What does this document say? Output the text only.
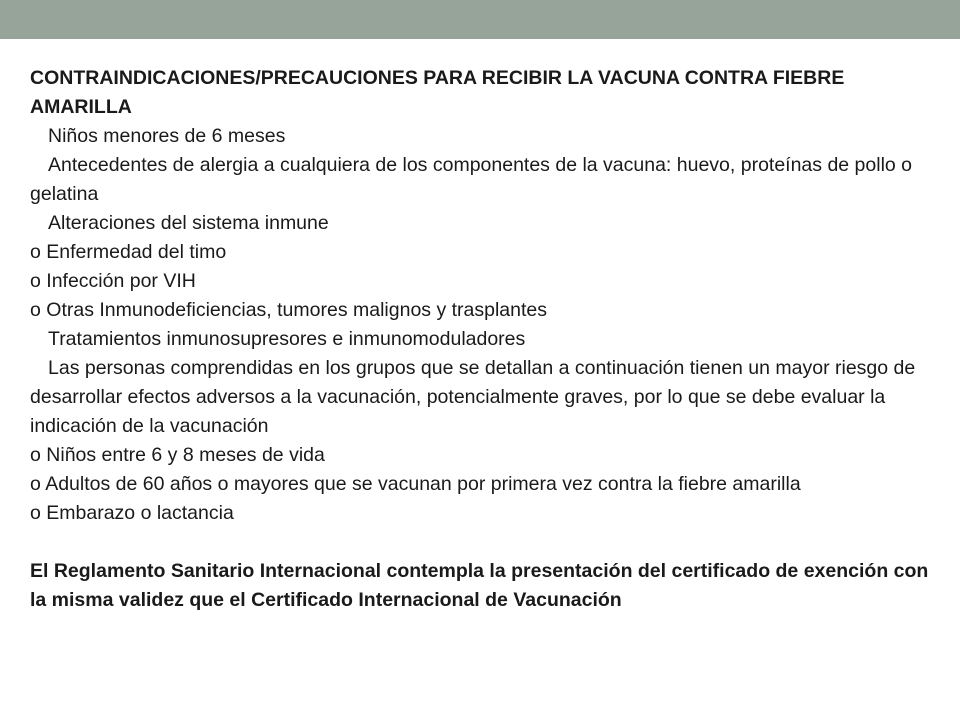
CONTRAINDICACIONES/PRECAUCIONES PARA RECIBIR LA VACUNA CONTRA FIEBRE AMARILLA
Niños menores de 6 meses
Antecedentes de alergia a cualquiera de los componentes de la vacuna: huevo, proteínas de pollo o gelatina
Alteraciones del sistema inmune
o Enfermedad del timo
o Infección por VIH
o Otras Inmunodeficiencias, tumores malignos y trasplantes
Tratamientos inmunosupresores e inmunomoduladores
Las personas comprendidas en los grupos que se detallan a continuación tienen un mayor riesgo de desarrollar efectos adversos a la vacunación, potencialmente graves, por lo que se debe evaluar la indicación de la vacunación
o Niños entre 6 y 8 meses de vida
o Adultos de 60 años o mayores que se vacunan por primera vez contra la fiebre amarilla
o Embarazo o lactancia
El Reglamento Sanitario Internacional contempla la presentación del certificado de exención con la misma validez que el Certificado Internacional de Vacunación
